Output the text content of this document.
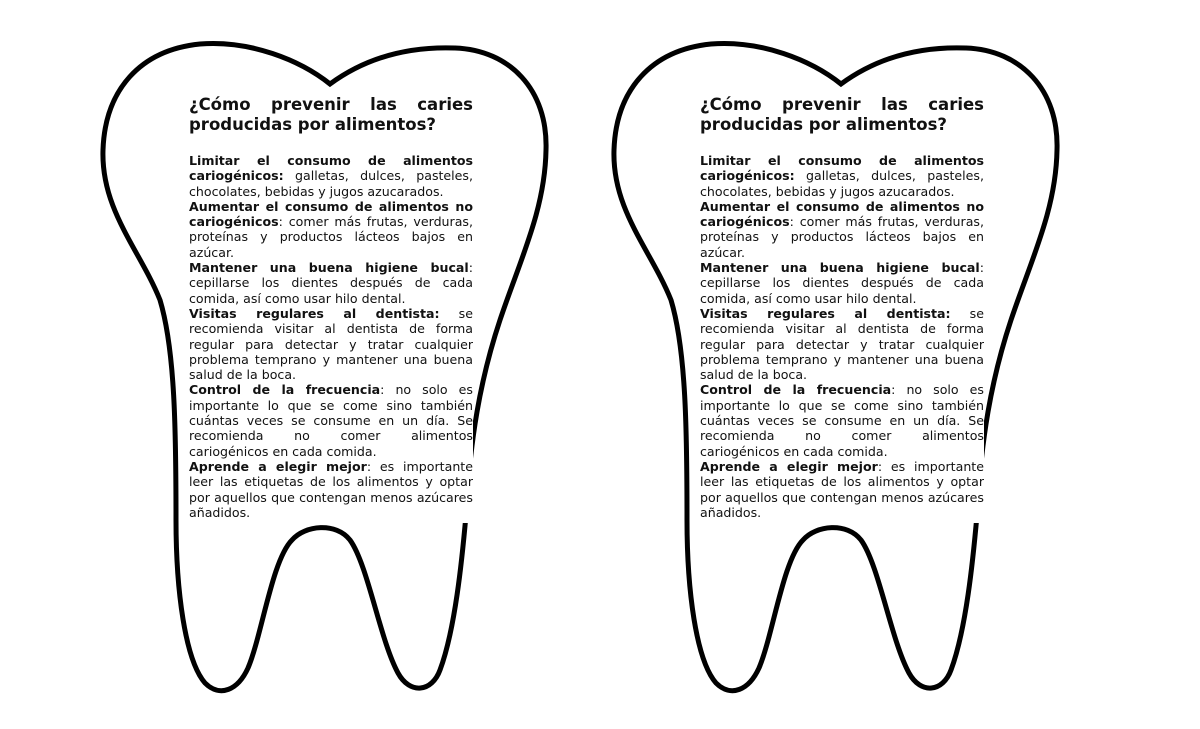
¿Cómo prevenir las caries producidas por alimentos?

Limitar el consumo de alimentos cariogénicos: galletas, dulces, pasteles, chocolates, bebidas y jugos azucarados.

Aumentar el consumo de alimentos no cariogénicos: comer más frutas, verduras, proteínas y productos lácteos bajos en azúcar.

Mantener una buena higiene bucal: cepillarse los dientes después de cada comida, así como usar hilo dental.

Visitas regulares al dentista: se recomienda visitar al dentista de forma regular para detectar y tratar cualquier problema temprano y mantener una buena salud de la boca.

Control de la frecuencia: no solo es importante lo que se come sino también cuántas veces se consume en un día. Se recomienda no comer alimentos cariogénicos en cada comida.

Aprende a elegir mejor: es importante leer las etiquetas de los alimentos y optar por aquellos que contengan menos azúcares añadidos.

¿Cómo prevenir las caries producidas por alimentos?

Limitar el consumo de alimentos cariogénicos: galletas, dulces, pasteles, chocolates, bebidas y jugos azucarados.

Aumentar el consumo de alimentos no cariogénicos: comer más frutas, verduras, proteínas y productos lácteos bajos en azúcar.

Mantener una buena higiene bucal: cepillarse los dientes después de cada comida, así como usar hilo dental.

Visitas regulares al dentista: se recomienda visitar al dentista de forma regular para detectar y tratar cualquier problema temprano y mantener una buena salud de la boca.

Control de la frecuencia: no solo es importante lo que se come sino también cuántas veces se consume en un día. Se recomienda no comer alimentos cariogénicos en cada comida.

Aprende a elegir mejor: es importante leer las etiquetas de los alimentos y optar por aquellos que contengan menos azúcares añadidos.
